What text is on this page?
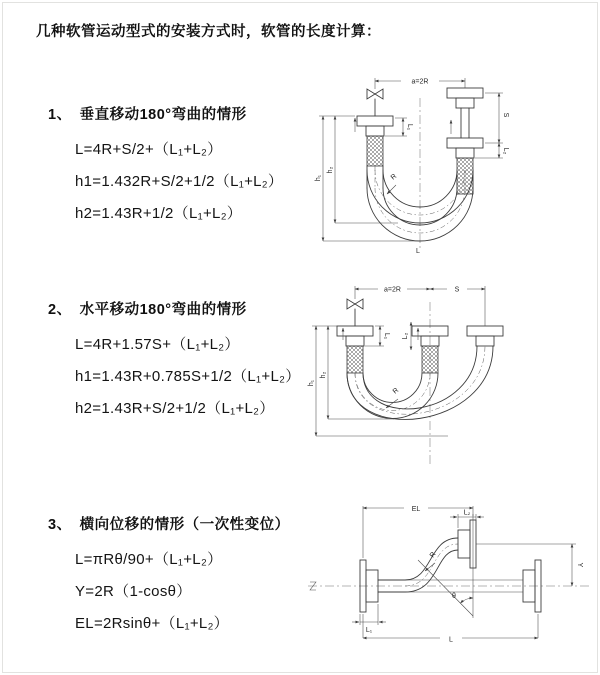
几种软管运动型式的安装方式时，软管的长度计算：
1、 垂直移动180°弯曲的情形
L=4R+S/2+（L₁+L₂）
h1=1.432R+S/2+1/2（L₁+L₂）
h2=1.43R+1/2（L₁+L₂）
2、 水平移动180°弯曲的情形
L=4R+1.57S+（L₁+L₂）
h1=1.43R+0.785S+1/2（L₁+L₂）
h2=1.43R+S/2+1/2（L₁+L₂）
3、 横向位移的情形（一次性变位）
L=πRθ/90+（L₁+L₂）
Y=2R（1-cosθ）
EL=2Rsinθ+（L₁+L₂）
a=2R
S
L₂
L₁
h₁
h₂
R
L
a=2R	S
L₁ L₂
h₁
h₂
R
θ
EL	L₂
Y
L
L₁
R
